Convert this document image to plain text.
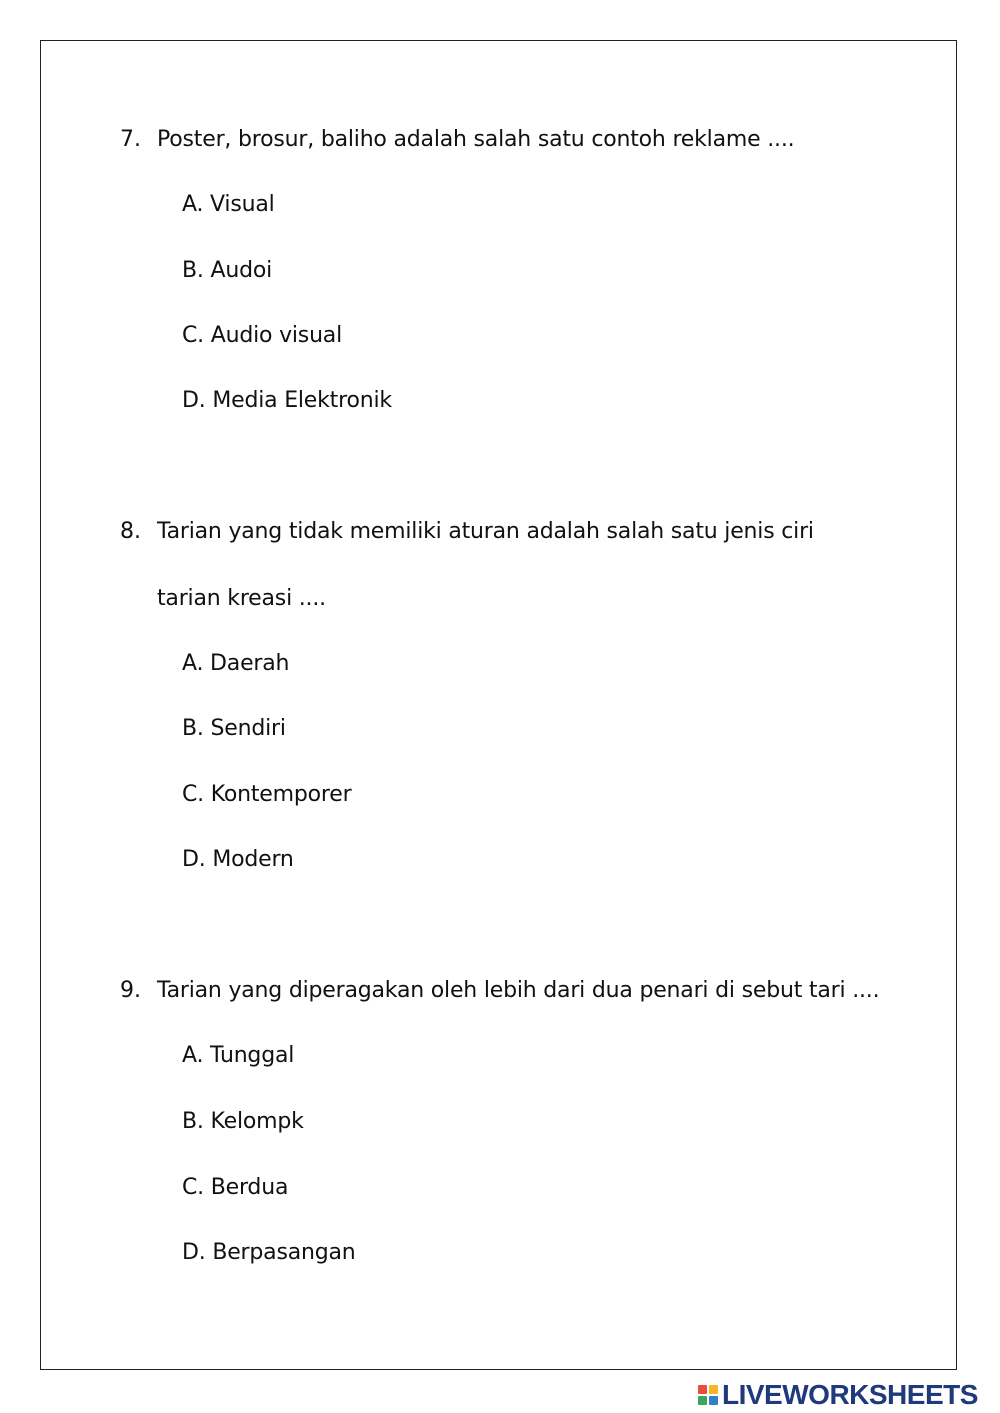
7. Poster, brosur, baliho adalah salah satu contoh reklame ....
A. Visual
B. Audoi
C. Audio visual
D. Media Elektronik
8. Tarian yang tidak memiliki aturan adalah salah satu jenis ciri
tarian kreasi ....
A. Daerah
B. Sendiri
C. Kontemporer
D. Modern
9. Tarian yang diperagakan oleh lebih dari dua penari di sebut tari ....
A. Tunggal
B. Kelompk
C. Berdua
D. Berpasangan
LIVEWORKSHEETS
